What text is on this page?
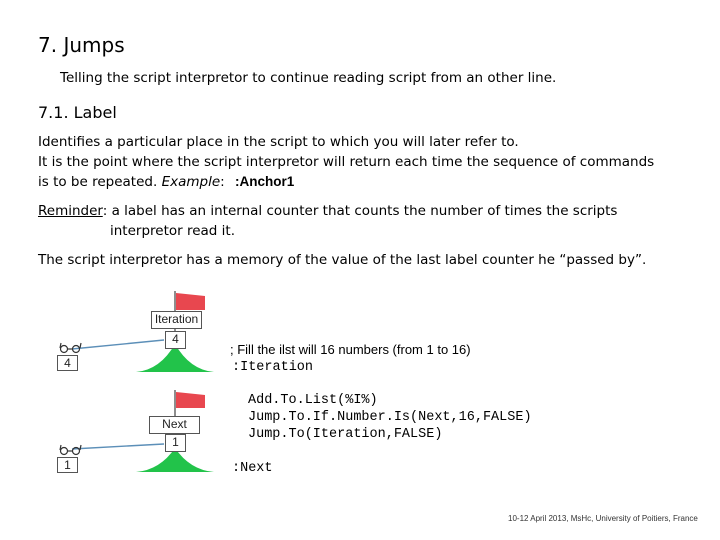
7. Jumps
Telling the script interpretor to continue reading script from an other line.
7.1. Label
Identifies a particular place in the script to which you will later refer to.
It is the point where the script interpretor will return each time the sequence of commands
is to be repeated. Example: :Anchor1
Reminder: a label has an internal counter that counts the number of times the scripts
interpretor read it.
The script interpretor has a memory of the value of the last label counter he “passed by”.
Iteration
4
4
Next
1
1
; Fill the ilst will 16 numbers (from 1 to 16)
:Iteration
Add.To.List(%I%)
Jump.To.If.Number.Is(Next,16,FALSE)
Jump.To(Iteration,FALSE)
:Next
10-12 April 2013, MsHc, University of Poitiers, France
